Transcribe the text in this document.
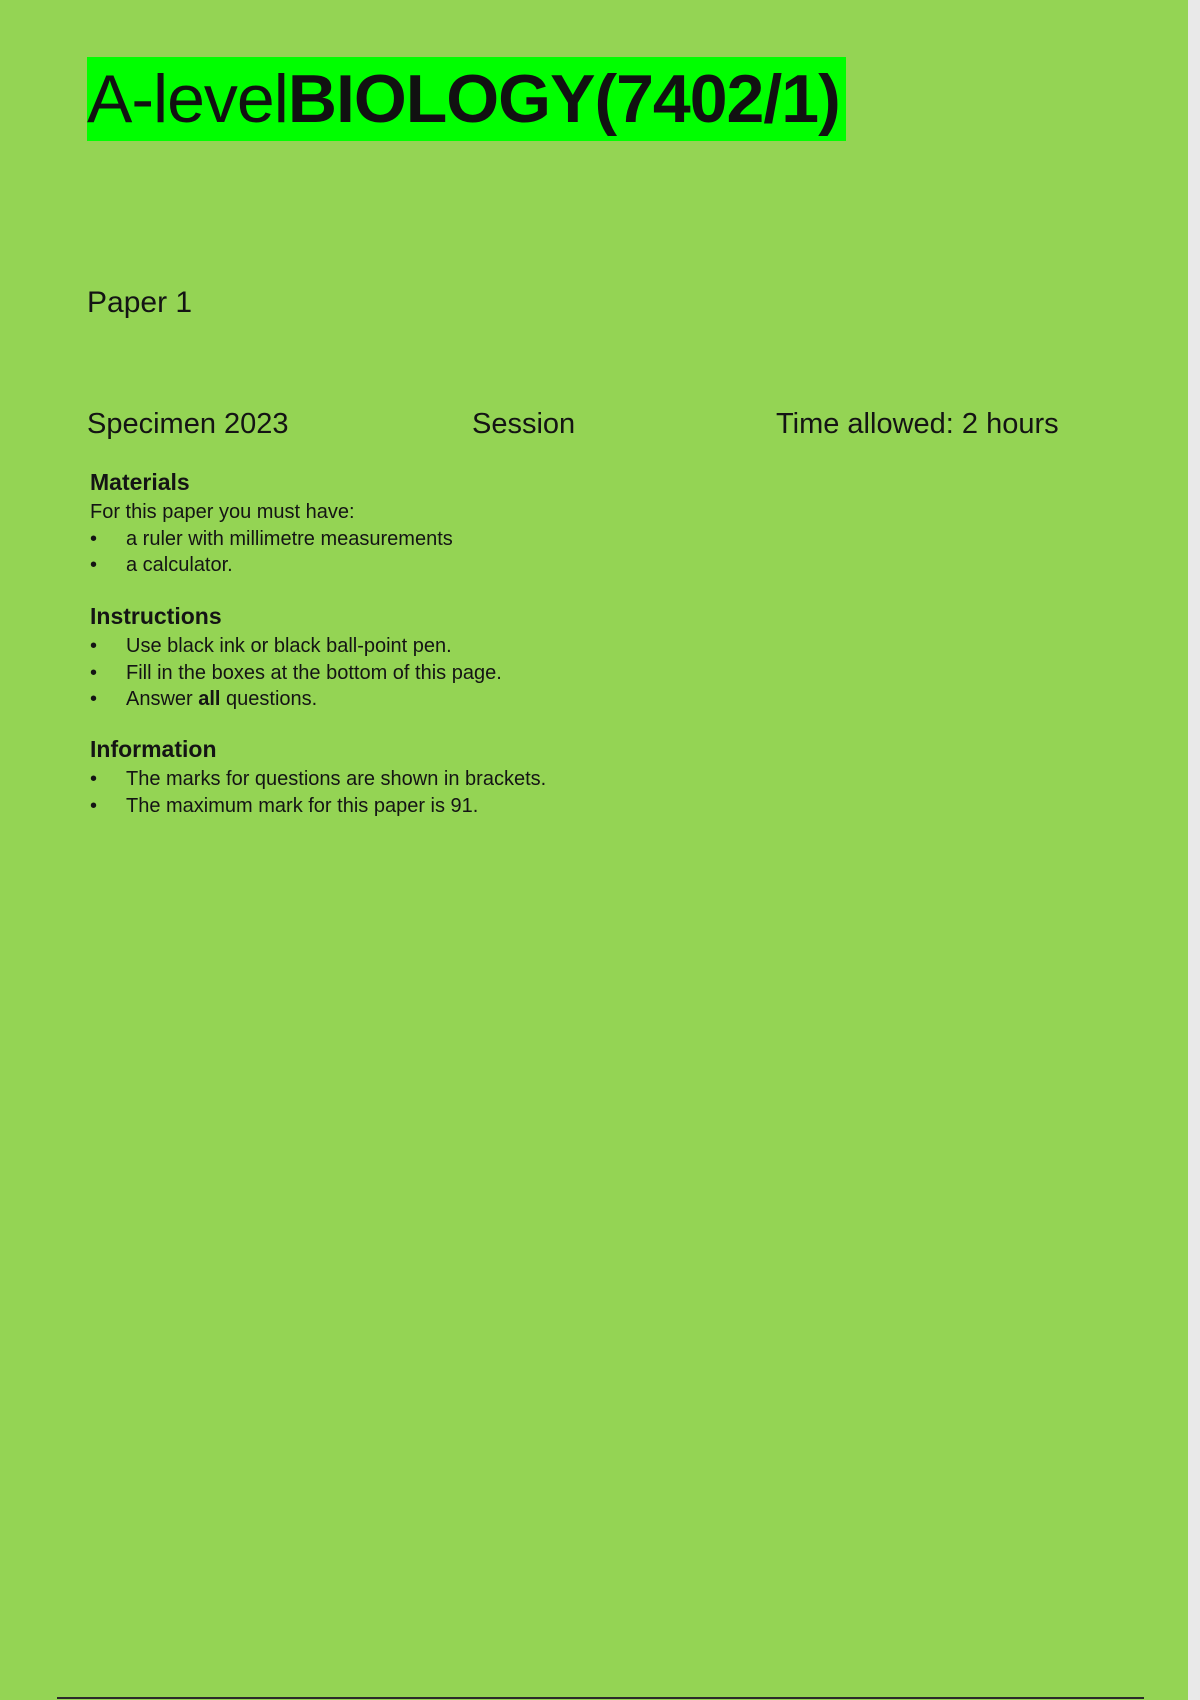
A-level BIOLOGY (7402/1)
Paper 1
Specimen 2023	Session	Time allowed: 2 hours
Materials

For this paper you must have:

•	a ruler with millimetre measurements
•	a calculator.
Instructions
•	Use black ink or black ball-point pen.
•	Fill in the boxes at the bottom of this page.
•	Answer all questions.
Information
•	The marks for questions are shown in brackets.
•	The maximum mark for this paper is 91.
